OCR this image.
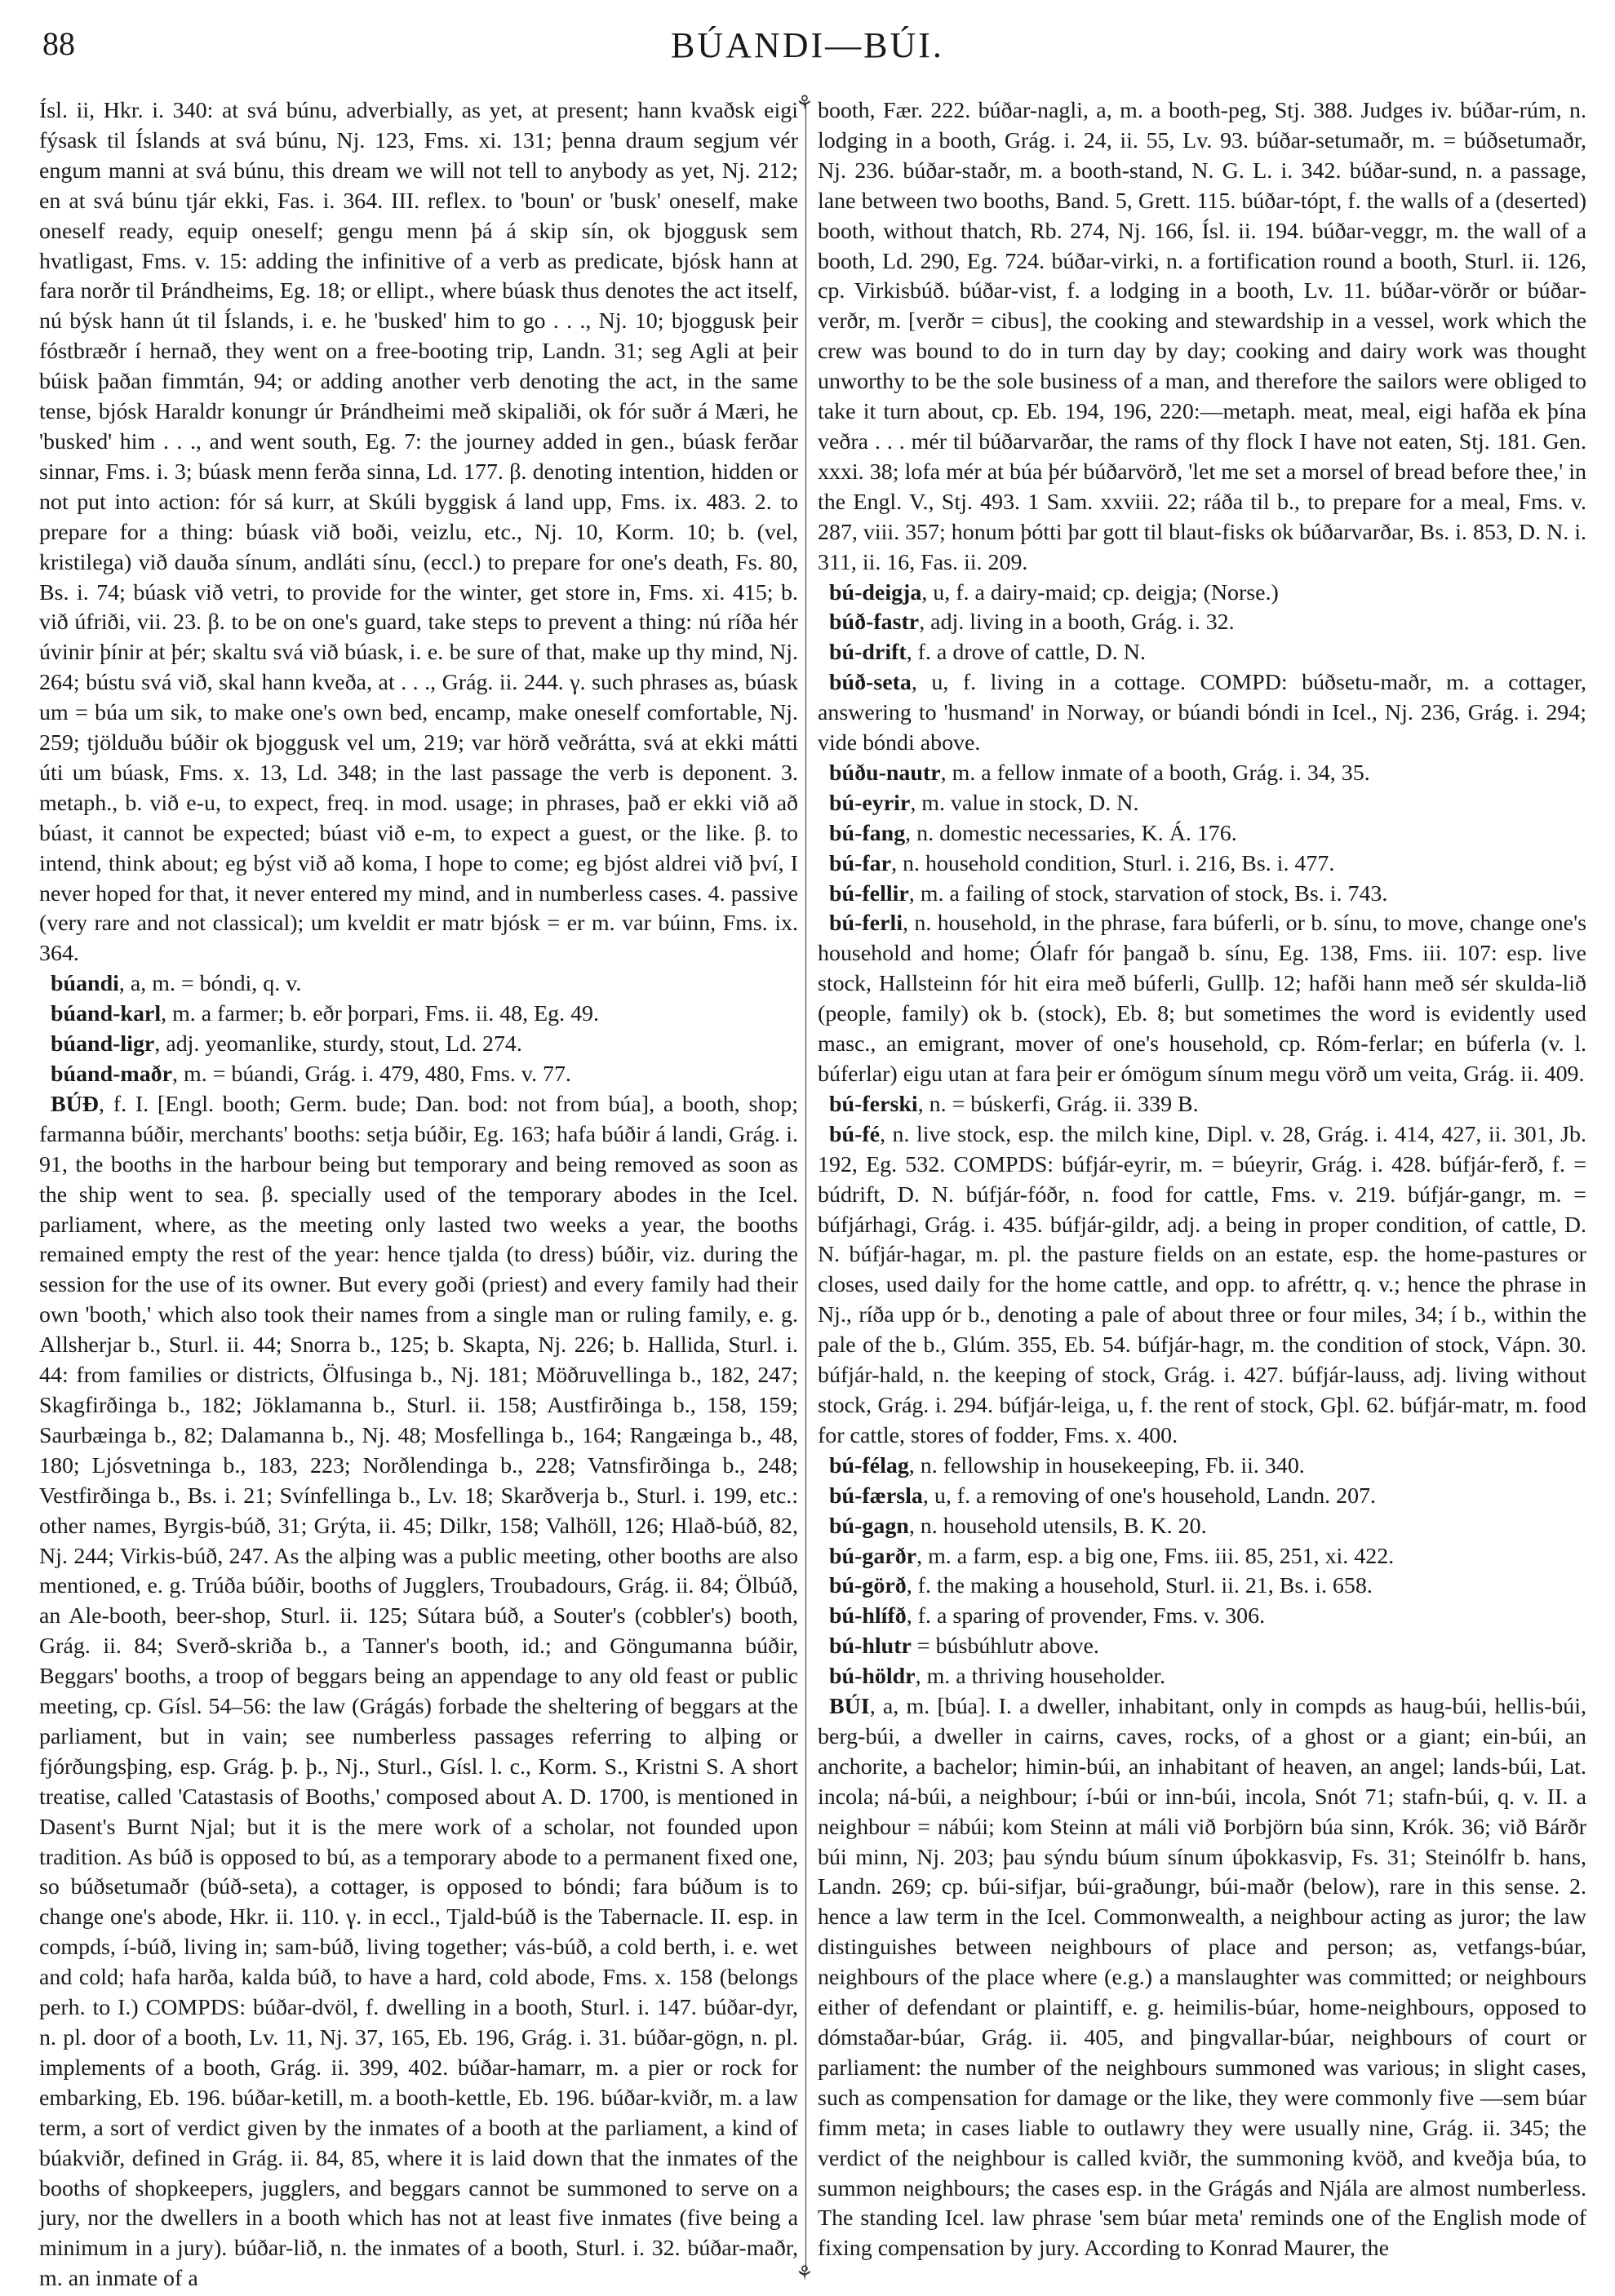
88	BÚANDI—BÚI.

Ísl. ii, Hkr. i. 340: at svá búnu, adverbially, as yet, at present; hann kvaðsk eigi fýsask til Íslands at svá búnu, Nj. 123, Fms. xi. 131; þenna draum segjum vér engum manni at svá búnu, this dream we will not tell to anybody as yet, Nj. 212; en at svá búnu tjár ekki, Fas. i. 364. III. reflex. to 'boun' or 'busk' oneself, make oneself ready, equip oneself; gengu menn þá á skip sín, ok bjoggusk sem hvatligast, Fms. v. 15: adding the infinitive of a verb as predicate, bjósk hann at fara norðr til Þrándheims, Eg. 18; or ellipt., where búask thus denotes the act itself, nú býsk hann út til Íslands, i. e. he 'busked' him to go . . ., Nj. 10; bjoggusk þeir fóstbræðr í hernað, they went on a free-booting trip, Landn. 31; seg Agli at þeir búisk þaðan fimmtán, 94; or adding another verb denoting the act, in the same tense, bjósk Haraldr konungr úr Þrándheimi með skipaliði, ok fór suðr á Mæri, he 'busked' him . . ., and went south, Eg. 7: the journey added in gen., búask ferðar sinnar, Fms. i. 3; búask menn ferða sinna, Ld. 177. β. denoting intention, hidden or not put into action: fór sá kurr, at Skúli byggisk á land upp, Fms. ix. 483. 2. to prepare for a thing: búask við boði, veizlu, etc., Nj. 10, Korm. 10; b. (vel, kristilega) við dauða sínum, andláti sínu, (eccl.) to prepare for one's death, Fs. 80, Bs. i. 74; búask við vetri, to provide for the winter, get store in, Fms. xi. 415; b. við úfriði, vii. 23. β. to be on one's guard, take steps to prevent a thing: nú ríða hér úvinir þínir at þér; skaltu svá við búask, i. e. be sure of that, make up thy mind, Nj. 264; bústu svá við, skal hann kveða, at . . ., Grág. ii. 244. γ. such phrases as, búask um = búa um sik, to make one's own bed, encamp, make oneself comfortable, Nj. 259; tjölduðu búðir ok bjoggusk vel um, 219; var hörð veðrátta, svá at ekki mátti úti um búask, Fms. x. 13, Ld. 348; in the last passage the verb is deponent. 3. metaph., b. við e-u, to expect, freq. in mod. usage; in phrases, það er ekki við að búast, it cannot be expected; búast við e-m, to expect a guest, or the like. β. to intend, think about; eg býst við að koma, I hope to come; eg bjóst aldrei við því, I never hoped for that, it never entered my mind, and in numberless cases. 4. passive (very rare and not classical); um kveldit er matr bjósk = er m. var búinn, Fms. ix. 364.

búandi, a, m. = bóndi, q. v.

búand-karl, m. a farmer; b. eðr þorpari, Fms. ii. 48, Eg. 49.

búand-ligr, adj. yeomanlike, sturdy, stout, Ld. 274.

búand-maðr, m. = búandi, Grág. i. 479, 480, Fms. v. 77.

BÚÐ, f. I. [Engl. booth; Germ. bude; Dan. bod: not from búa], a booth, shop; farmanna búðir, merchants' booths: setja búðir, Eg. 163; hafa búðir á landi, Grág. i. 91, the booths in the harbour being but temporary and being removed as soon as the ship went to sea. β. specially used of the temporary abodes in the Icel. parliament, where, as the meeting only lasted two weeks a year, the booths remained empty the rest of the year: hence tjalda (to dress) búðir, viz. during the session for the use of its owner. But every goði (priest) and every family had their own 'booth,' which also took their names from a single man or ruling family, e. g. Allsherjar b., Sturl. ii. 44; Snorra b., 125; b. Skapta, Nj. 226; b. Hallida, Sturl. i. 44: from families or districts, Ölfusinga b., Nj. 181; Möðruvellinga b., 182, 247; Skagfirðinga b., 182; Jöklamanna b., Sturl. ii. 158; Austfirðinga b., 158, 159; Saurbæinga b., 82; Dalamanna b., Nj. 48; Mosfellinga b., 164; Rangæinga b., 48, 180; Ljósvetninga b., 183, 223; Norðlendinga b., 228; Vatnsfirðinga b., 248; Vestfirðinga b., Bs. i. 21; Svínfellinga b., Lv. 18; Skarðverja b., Sturl. i. 199, etc.: other names, Byrgis-búð, 31; Grýta, ii. 45; Dilkr, 158; Valhöll, 126; Hlað-búð, 82, Nj. 244; Virkis-búð, 247. As the alþing was a public meeting, other booths are also mentioned, e. g. Trúða búðir, booths of Jugglers, Troubadours, Grág. ii. 84; Ölbúð, an Ale-booth, beer-shop, Sturl. ii. 125; Sútara búð, a Souter's (cobbler's) booth, Grág. ii. 84; Sverð-skriða b., a Tanner's booth, id.; and Göngumanna búðir, Beggars' booths, a troop of beggars being an appendage to any old feast or public meeting, cp. Gísl. 54–56: the law (Grágás) forbade the sheltering of beggars at the parliament, but in vain; see numberless passages referring to alþing or fjórðungsþing, esp. Grág. þ. þ., Nj., Sturl., Gísl. l. c., Korm. S., Kristni S. A short treatise, called 'Catastasis of Booths,' composed about A. D. 1700, is mentioned in Dasent's Burnt Njal; but it is the mere work of a scholar, not founded upon tradition. As búð is opposed to bú, as a temporary abode to a permanent fixed one, so búðsetumaðr (búð-seta), a cottager, is opposed to bóndi; fara búðum is to change one's abode, Hkr. ii. 110. γ. in eccl., Tjald-búð is the Tabernacle. II. esp. in compds, í-búð, living in; sam-búð, living together; vás-búð, a cold berth, i. e. wet and cold; hafa harða, kalda búð, to have a hard, cold abode, Fms. x. 158 (belongs perh. to I.) COMPDS: búðar-dvöl, f. dwelling in a booth, Sturl. i. 147. búðar-dyr, n. pl. door of a booth, Lv. 11, Nj. 37, 165, Eb. 196, Grág. i. 31. búðar-gögn, n. pl. implements of a booth, Grág. ii. 399, 402. búðar-hamarr, m. a pier or rock for embarking, Eb. 196. búðar-ketill, m. a booth-kettle, Eb. 196. búðar-kviðr, m. a law term, a sort of verdict given by the inmates of a booth at the parliament, a kind of búakviðr, defined in Grág. ii. 84, 85, where it is laid down that the inmates of the booths of shopkeepers, jugglers, and beggars cannot be summoned to serve on a jury, nor the dwellers in a booth which has not at least five inmates (five being a minimum in a jury). búðar-lið, n. the inmates of a booth, Sturl. i. 32. búðar-maðr, m. an inmate of a

⚘
⚘

booth, Fær. 222. búðar-nagli, a, m. a booth-peg, Stj. 388. Judges iv. búðar-rúm, n. lodging in a booth, Grág. i. 24, ii. 55, Lv. 93. búðar-setumaðr, m. = búðsetumaðr, Nj. 236. búðar-staðr, m. a booth-stand, N. G. L. i. 342. búðar-sund, n. a passage, lane between two booths, Band. 5, Grett. 115. búðar-tópt, f. the walls of a (deserted) booth, without thatch, Rb. 274, Nj. 166, Ísl. ii. 194. búðar-veggr, m. the wall of a booth, Ld. 290, Eg. 724. búðar-virki, n. a fortification round a booth, Sturl. ii. 126, cp. Virkisbúð. búðar-vist, f. a lodging in a booth, Lv. 11. búðar-vörðr or búðar-verðr, m. [verðr = cibus], the cooking and stewardship in a vessel, work which the crew was bound to do in turn day by day; cooking and dairy work was thought unworthy to be the sole business of a man, and therefore the sailors were obliged to take it turn about, cp. Eb. 194, 196, 220:—metaph. meat, meal, eigi hafða ek þína veðra . . . mér til búðarvarðar, the rams of thy flock I have not eaten, Stj. 181. Gen. xxxi. 38; lofa mér at búa þér búðarvörð, 'let me set a morsel of bread before thee,' in the Engl. V., Stj. 493. 1 Sam. xxviii. 22; ráða til b., to prepare for a meal, Fms. v. 287, viii. 357; honum þótti þar gott til blaut-fisks ok búðarvarðar, Bs. i. 853, D. N. i. 311, ii. 16, Fas. ii. 209.

bú-deigja, u, f. a dairy-maid; cp. deigja; (Norse.)

búð-fastr, adj. living in a booth, Grág. i. 32.

bú-drift, f. a drove of cattle, D. N.

búð-seta, u, f. living in a cottage. COMPD: búðsetu-maðr, m. a cottager, answering to 'husmand' in Norway, or búandi bóndi in Icel., Nj. 236, Grág. i. 294; vide bóndi above.

búðu-nautr, m. a fellow inmate of a booth, Grág. i. 34, 35.

bú-eyrir, m. value in stock, D. N.

bú-fang, n. domestic necessaries, K. Á. 176.

bú-far, n. household condition, Sturl. i. 216, Bs. i. 477.

bú-fellir, m. a failing of stock, starvation of stock, Bs. i. 743.

bú-ferli, n. household, in the phrase, fara búferli, or b. sínu, to move, change one's household and home; Ólafr fór þangað b. sínu, Eg. 138, Fms. iii. 107: esp. live stock, Hallsteinn fór hit eira með búferli, Gullþ. 12; hafði hann með sér skulda-lið (people, family) ok b. (stock), Eb. 8; but sometimes the word is evidently used masc., an emigrant, mover of one's household, cp. Róm-ferlar; en búferla (v. l. búferlar) eigu utan at fara þeir er ómögum sínum megu vörð um veita, Grág. ii. 409.

bú-ferski, n. = búskerfi, Grág. ii. 339 B.

bú-fé, n. live stock, esp. the milch kine, Dipl. v. 28, Grág. i. 414, 427, ii. 301, Jb. 192, Eg. 532. COMPDS: búfjár-eyrir, m. = búeyrir, Grág. i. 428. búfjár-ferð, f. = búdrift, D. N. búfjár-fóðr, n. food for cattle, Fms. v. 219. búfjár-gangr, m. = búfjárhagi, Grág. i. 435. búfjár-gildr, adj. a being in proper condition, of cattle, D. N. búfjár-hagar, m. pl. the pasture fields on an estate, esp. the home-pastures or closes, used daily for the home cattle, and opp. to afréttr, q. v.; hence the phrase in Nj., ríða upp ór b., denoting a pale of about three or four miles, 34; í b., within the pale of the b., Glúm. 355, Eb. 54. búfjár-hagr, m. the condition of stock, Vápn. 30. búfjár-hald, n. the keeping of stock, Grág. i. 427. búfjár-lauss, adj. living without stock, Grág. i. 294. búfjár-leiga, u, f. the rent of stock, Gþl. 62. búfjár-matr, m. food for cattle, stores of fodder, Fms. x. 400.

bú-félag, n. fellowship in housekeeping, Fb. ii. 340.

bú-færsla, u, f. a removing of one's household, Landn. 207.

bú-gagn, n. household utensils, B. K. 20.

bú-garðr, m. a farm, esp. a big one, Fms. iii. 85, 251, xi. 422.

bú-görð, f. the making a household, Sturl. ii. 21, Bs. i. 658.

bú-hlífð, f. a sparing of provender, Fms. v. 306.

bú-hlutr = búsbúhlutr above.

bú-höldr, m. a thriving householder.

BÚI, a, m. [búa]. I. a dweller, inhabitant, only in compds as haug-búi, hellis-búi, berg-búi, a dweller in cairns, caves, rocks, of a ghost or a giant; ein-búi, an anchorite, a bachelor; himin-búi, an inhabitant of heaven, an angel; lands-búi, Lat. incola; ná-búi, a neighbour; í-búi or inn-búi, incola, Snót 71; stafn-búi, q. v. II. a neighbour = nábúi; kom Steinn at máli við Þorbjörn búa sinn, Krók. 36; við Bárðr búi minn, Nj. 203; þau sýndu búum sínum úþokkasvip, Fs. 31; Steinólfr b. hans, Landn. 269; cp. búi-sifjar, búi-graðungr, búi-maðr (below), rare in this sense. 2. hence a law term in the Icel. Commonwealth, a neighbour acting as juror; the law distinguishes between neighbours of place and person; as, vetfangs-búar, neighbours of the place where (e.g.) a manslaughter was committed; or neighbours either of defendant or plaintiff, e. g. heimilis-búar, home-neighbours, opposed to dómstaðar-búar, Grág. ii. 405, and þingvallar-búar, neighbours of court or parliament: the number of the neighbours summoned was various; in slight cases, such as compensation for damage or the like, they were commonly five —sem búar fimm meta; in cases liable to outlawry they were usually nine, Grág. ii. 345; the verdict of the neighbour is called kviðr, the summoning kvöð, and kveðja búa, to summon neighbours; the cases esp. in the Grágás and Njála are almost numberless. The standing Icel. law phrase 'sem búar meta' reminds one of the English mode of fixing compensation by jury. According to Konrad Maurer, the
